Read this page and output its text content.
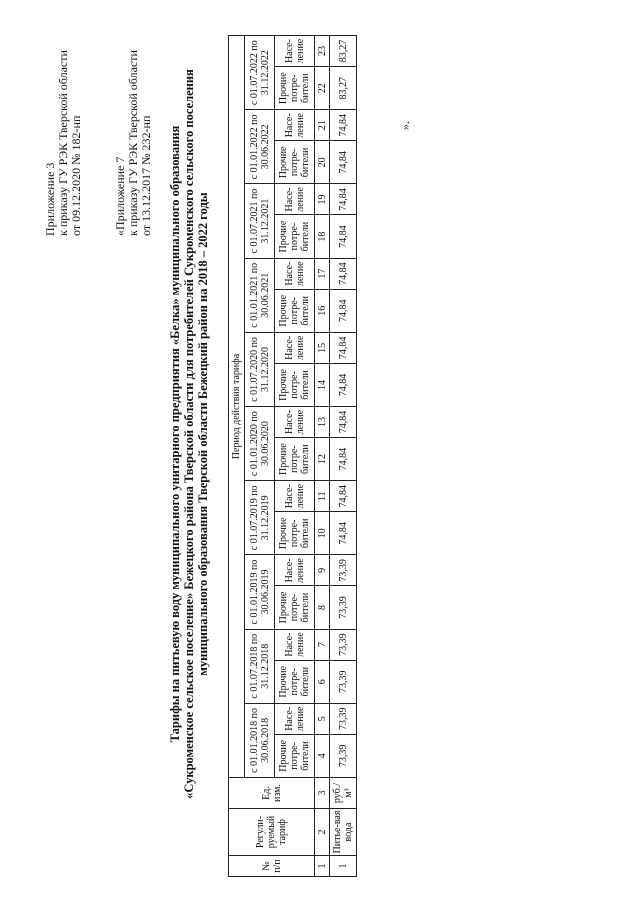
Приложение 3 к приказу ГУ РЭК Тверской области от 09.12.2020 № 182-нп	«Приложение 7 к приказу ГУ РЭК Тверской области от 13.12.2017 № 232-нп Тарифы на питьевую воду муниципального унитарного предприятия «Белка» муниципального образования «Сукроменское сельское поселение» Бежецкого района Тверской области для потребителей Сукроменского сельского поселения муниципального образования Тверской области Бежецкий район на 2018 – 2022 годы
№ п/п	Регули-руемый тариф	Ед. изм.	Период действия тарифа																			
			с 01.01.2018 по 30.06.2018		с 01.07.2018 по 31.12.2018		с 01.01.2019 по 30.06.2019		с 01.07.2019 по 31.12.2019		с 01.01.2020 по 30.06.2020		с 01.07.2020 по 31.12.2020		с 01.01.2021 по 30.06.2021		с 01.07.2021 по 31.12.2021		с 01.01.2022 по 30.06.2022		с 01.07.2022 по 31.12.2022	
			Прочие потре-бители	Насе-ление	Прочие потре-бители	Насе-ление	Прочие потре-бители	Насе-ление	Прочие потре-бители	Насе-ление	Прочие потре-бители	Насе-ление	Прочие потре-бители	Насе-ление	Прочие потре-бители	Насе-ление	Прочие потре-бители	Насе-ление	Прочие потре-бители	Насе-ление	Прочие потре-бители	Насе-ление
1	2	3	4	5	6	7	8	9	10	11	12	13	14	15	16	17	18	19	20	21	22	23
1	Питье-вая вода	руб./м³	73,39	73,39	73,39	73,39	73,39	73,39	74,84	74,84	74,84	74,84	74,84	74,84	74,84	74,84	74,84	74,84	74,84	74,84	83,27	83,27
».
